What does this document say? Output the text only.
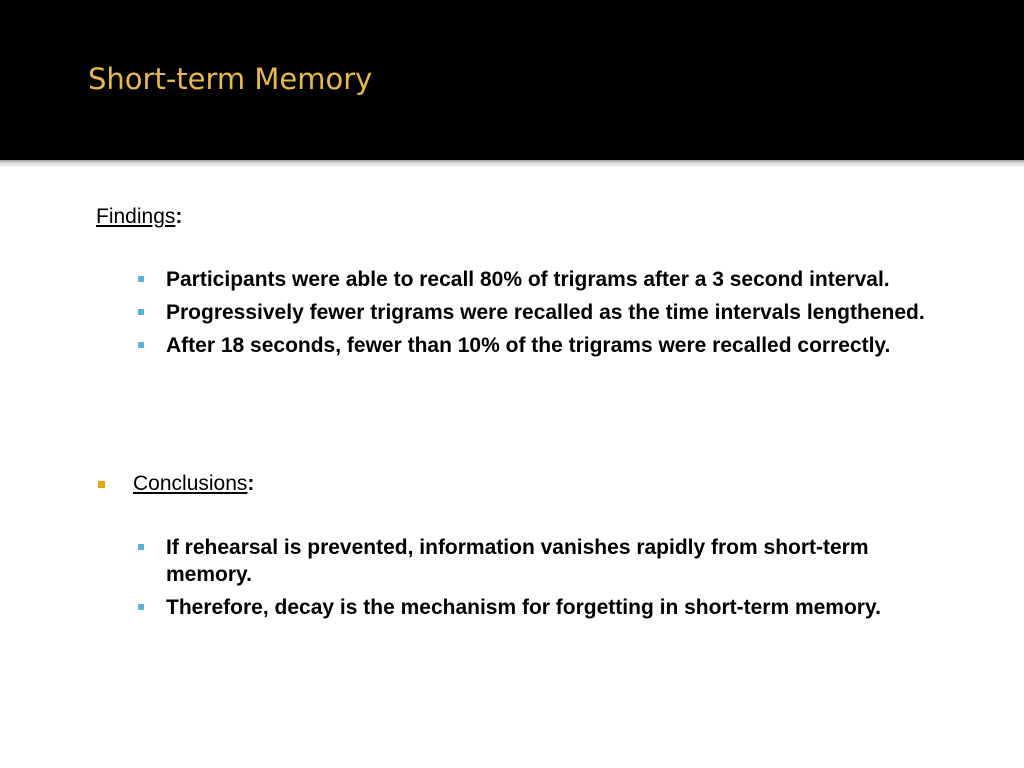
Short-term Memory
Findings:
Participants were able to recall 80% of trigrams after a 3 second interval.
Progressively fewer trigrams were recalled as the time intervals lengthened.
After 18 seconds, fewer than 10% of the trigrams were recalled correctly.
Conclusions:
If rehearsal is prevented, information vanishes rapidly from short-term memory.
Therefore, decay is the mechanism for forgetting in short-term memory.
